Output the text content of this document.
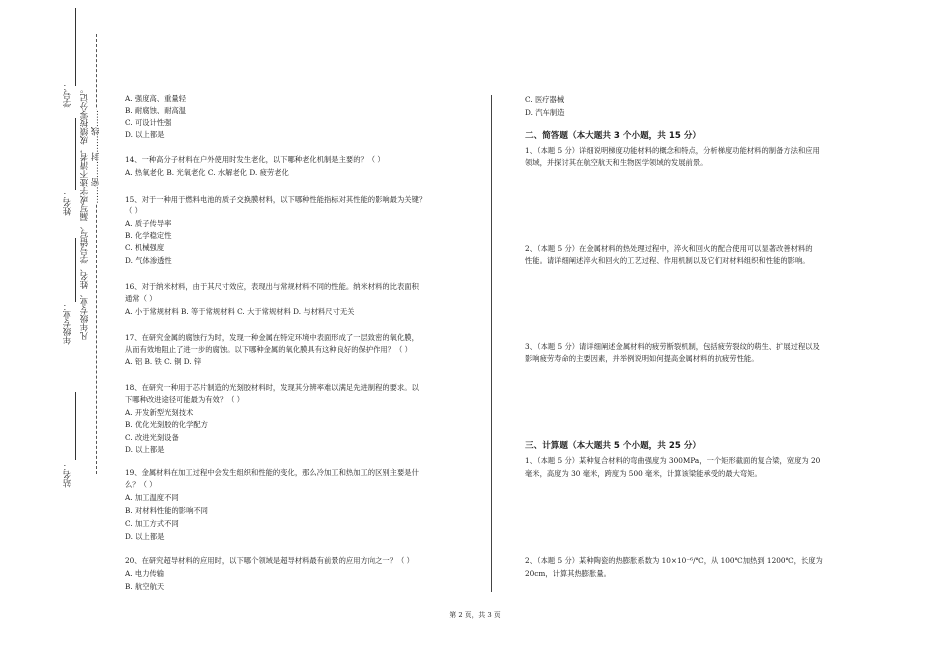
学号：
姓名：
年级专业：
站名：
凡年级专业、姓名、学号错写、漏写或字迹不清者，成绩按零分记。 ……密……封……线……
A. 强度高、重量轻
B. 耐腐蚀、耐高温
C. 可设计性强
D. 以上都是
14、一种高分子材料在户外使用时发生老化，以下哪种老化机制是主要的？（ ）
A. 热氧老化 B. 光氧老化 C. 水解老化 D. 疲劳老化
15、对于一种用于燃料电池的质子交换膜材料，以下哪种性能指标对其性能的影响最为关键？
（ ）
A. 质子传导率
B. 化学稳定性
C. 机械强度
D. 气体渗透性
16、对于纳米材料，由于其尺寸效应，表现出与常规材料不同的性能。纳米材料的比表面积
通常（ ）
A. 小于常规材料 B. 等于常规材料 C. 大于常规材料 D. 与材料尺寸无关
17、在研究金属的腐蚀行为时，发现一种金属在特定环境中表面形成了一层致密的氧化膜，
从而有效地阻止了进一步的腐蚀。以下哪种金属的氧化膜具有这种良好的保护作用？（ ）
A. 铝 B. 铁 C. 铜 D. 锌
18、在研究一种用于芯片制造的光刻胶材料时，发现其分辨率难以满足先进制程的要求。以
下哪种改进途径可能最为有效？（ ）
A. 开发新型光刻技术
B. 优化光刻胶的化学配方
C. 改进光刻设备
D. 以上都是
19、金属材料在加工过程中会发生组织和性能的变化，那么冷加工和热加工的区别主要是什
么？（ ）
A. 加工温度不同
B. 对材料性能的影响不同
C. 加工方式不同
D. 以上都是
20、在研究超导材料的应用时，以下哪个领域是超导材料最有前景的应用方向之一？（ ）
A. 电力传输
B. 航空航天
C. 医疗器械
D. 汽车制造
二、简答题（本大题共 3 个小题，共 15 分）
1、（本题 5 分）详细说明梯度功能材料的概念和特点，分析梯度功能材料的制备方法和应用
领域，并探讨其在航空航天和生物医学领域的发展前景。
2、（本题 5 分）在金属材料的热处理过程中，淬火和回火的配合使用可以显著改善材料的
性能。请详细阐述淬火和回火的工艺过程、作用机制以及它们对材料组织和性能的影响。
3、（本题 5 分）请详细阐述金属材料的疲劳断裂机制，包括疲劳裂纹的萌生、扩展过程以及
影响疲劳寿命的主要因素，并举例说明如何提高金属材料的抗疲劳性能。
三、计算题（本大题共 5 个小题，共 25 分）
1、（本题 5 分）某种复合材料的弯曲强度为 300MPa，一个矩形截面的复合梁，宽度为 20
毫米，高度为 30 毫米，跨度为 500 毫米，计算该梁能承受的最大弯矩。
2、（本题 5 分）某种陶瓷的热膨胀系数为 10×10⁻⁶/℃，从 100℃加热到 1200℃，长度为
20cm，计算其热膨胀量。
第 2 页，共 3 页
